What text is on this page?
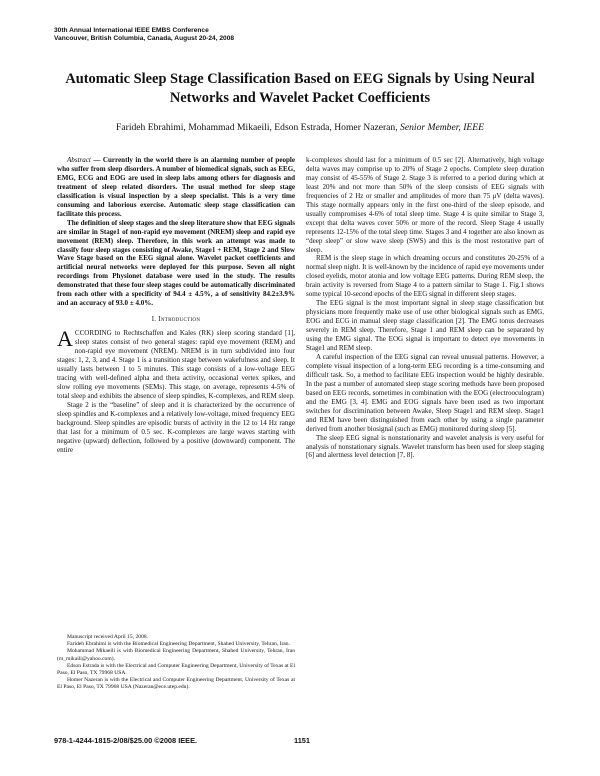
30th Annual International IEEE EMBS Conference
Vancouver, British Columbia, Canada, August 20-24, 2008
Automatic Sleep Stage Classification Based on EEG Signals by Using Neural Networks and Wavelet Packet Coefficients
Farideh Ebrahimi, Mohammad Mikaeili, Edson Estrada, Homer Nazeran, Senior Member, IEEE

Abstract — Currently in the world there is an alarming number of people who suffer from sleep disorders. A number of biomedical signals, such as EEG, EMG, ECG and EOG are used in sleep labs among others for diagnosis and treatment of sleep related disorders. The usual method for sleep stage classification is visual inspection by a sleep specialist. This is a very time consuming and laborious exercise. Automatic sleep stage classification can facilitate this process.

The definition of sleep stages and the sleep literature show that EEG signals are similar in Stage1 of non-rapid eye movement (NREM) sleep and rapid eye movement (REM) sleep. Therefore, in this work an attempt was made to classify four sleep stages consisting of Awake, Stage1 + REM, Stage 2 and Slow Wave Stage based on the EEG signal alone. Wavelet packet coefficients and artificial neural networks were deployed for this purpose. Seven all night recordings from Physionet database were used in the study. The results demonstrated that these four sleep stages could be automatically discriminated from each other with a specificity of 94.4 ± 4.5%, a of sensitivity 84.2±3.9% and an accuracy of 93.0 ± 4.0%.

I. Introduction

ACCORDING to Rechtschaffen and Kales (RK) sleep scoring standard [1], sleep states consist of two general stages: rapid eye movement (REM) and non-rapid eye movement (NREM). NREM is in turn subdivided into four stages: 1, 2, 3, and 4. Stage 1 is a transition stage between wakefulness and sleep. It usually lasts between 1 to 5 minutes. This stage consists of a low-voltage EEG tracing with well-defined alpha and theta activity, occasional vertex spikes, and slow rolling eye movements (SEMs). This stage, on average, represents 4-5% of total sleep and exhibits the absence of sleep spindles, K-complexes, and REM sleep.

Stage 2 is the “baseline” of sleep and it is characterized by the occurrence of sleep spindles and K-complexes and a relatively low-voltage, mixed frequency EEG background. Sleep spindles are episodic bursts of activity in the 12 to 14 Hz range that last for a minimum of 0.5 sec. K-complexes are large waves starting with negative (upward) deflection, followed by a positive (downward) component. The entire

Manuscript received April 15, 2008.

Farideh Ebrahimi is with the Biomedical Engineering Department, Shahed University, Tehran, Iran.

Mohammad Mikaeili is with Biomedical Engineering Department, Shahed University, Tehran, Iran (m_mikaili@yahoo.com).

Edson Estrada is with the Electrical and Computer Engineering Department, University of Texas at El Paso, El Paso, TX 79968 USA.

Homer Nazeran is with the Electrical and Computer Engineering Department, University of Texas at El Paso, El Paso, TX 79968 USA (Nazeran@ece.utep.edu).

k-complexes should last for a minimum of 0.5 sec [2]. Alternatively, high voltage delta waves may comprise up to 20% of Stage 2 epochs. Complete sleep duration may consist of 45-55% of Stage 2. Stage 3 is referred to a period during which at least 20% and not more than 50% of the sleep consists of EEG signals with frequencies of 2 Hz or smaller and amplitudes of more than 75 μV (delta waves). This stage normally appears only in the first one-third of the sleep episode, and usually compromises 4-6% of total sleep time. Stage 4 is quite similar to Stage 3, except that delta waves cover 50% or more of the record. Sleep Stage 4 usually represents 12-15% of the total sleep time. Stages 3 and 4 together are also known as “deep sleep” or slow wave sleep (SWS) and this is the most restorative part of sleep.

REM is the sleep stage in which dreaming occurs and constitutes 20-25% of a normal sleep night. It is well-known by the incidence of rapid eye movements under closed eyelids, motor atonia and low voltage EEG patterns. During REM sleep, the brain activity is reversed from Stage 4 to a pattern similar to Stage 1. Fig.1 shows some typical 10-second epochs of the EEG signal in different sleep stages.

The EEG signal is the most important signal in sleep stage classification but physicians more frequently make use of use other biological signals such as EMG, EOG and ECG in manual sleep stage classification [2]. The EMG tonus decreases severely in REM sleep. Therefore, Stage 1 and REM sleep can be separated by using the EMG signal. The EOG signal is important to detect eye movements in Stage1 and REM sleep.

A careful inspection of the EEG signal can reveal unusual patterns. However, a complete visual inspection of a long-term EEG recording is a time-consuming and difficult task. So, a method to facilitate EEG inspection would be highly desirable. In the past a number of automated sleep stage scoring methods have been proposed based on EEG records, sometimes in combination with the EOG (electrooculogram) and the EMG [3, 4]. EMG and EOG signals have been used as two important switches for discrimination between Awake, Sleep Stage1 and REM sleep. Stage1 and REM have been distinguished from each other by using a single parameter derived from another biosignal (such as EMG) monitored during sleep [5].

The sleep EEG signal is nonstationarity and wavelet analysis is very useful for analysis of nonstationary signals. Wavelet transform has been used for sleep staging [6] and alertness level detection [7, 8].

978-1-4244-1815-2/08/$25.00 ©2008 IEEE.	1151
